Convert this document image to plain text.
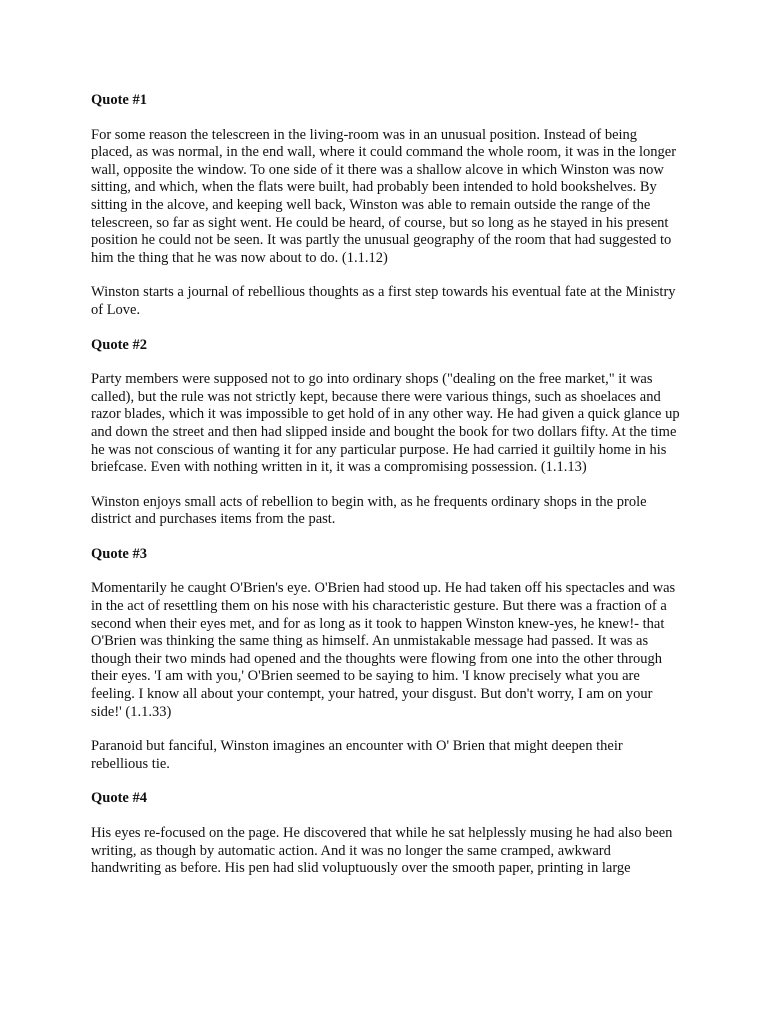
Quote #1

For some reason the telescreen in the living-room was in an unusual position. Instead of being placed, as was normal, in the end wall, where it could command the whole room, it was in the longer wall, opposite the window. To one side of it there was a shallow alcove in which Winston was now sitting, and which, when the flats were built, had probably been intended to hold bookshelves. By sitting in the alcove, and keeping well back, Winston was able to remain outside the range of the telescreen, so far as sight went. He could be heard, of course, but so long as he stayed in his present position he could not be seen. It was partly the unusual geography of the room that had suggested to him the thing that he was now about to do. (1.1.12)

Winston starts a journal of rebellious thoughts as a first step towards his eventual fate at the Ministry of Love.

Quote #2

Party members were supposed not to go into ordinary shops ("dealing on the free market," it was called), but the rule was not strictly kept, because there were various things, such as shoelaces and razor blades, which it was impossible to get hold of in any other way. He had given a quick glance up and down the street and then had slipped inside and bought the book for two dollars fifty. At the time he was not conscious of wanting it for any particular purpose. He had carried it guiltily home in his briefcase. Even with nothing written in it, it was a compromising possession. (1.1.13)

Winston enjoys small acts of rebellion to begin with, as he frequents ordinary shops in the prole district and purchases items from the past.

Quote #3

Momentarily he caught O'Brien's eye. O'Brien had stood up. He had taken off his spectacles and was in the act of resettling them on his nose with his characteristic gesture. But there was a fraction of a second when their eyes met, and for as long as it took to happen Winston knew-yes, he knew!- that O'Brien was thinking the same thing as himself. An unmistakable message had passed. It was as though their two minds had opened and the thoughts were flowing from one into the other through their eyes. 'I am with you,' O'Brien seemed to be saying to him. 'I know precisely what you are feeling. I know all about your contempt, your hatred, your disgust. But don't worry, I am on your side!' (1.1.33)

Paranoid but fanciful, Winston imagines an encounter with O' Brien that might deepen their rebellious tie.

Quote #4

His eyes re-focused on the page. He discovered that while he sat helplessly musing he had also been writing, as though by automatic action. And it was no longer the same cramped, awkward handwriting as before. His pen had slid voluptuously over the smooth paper, printing in large
